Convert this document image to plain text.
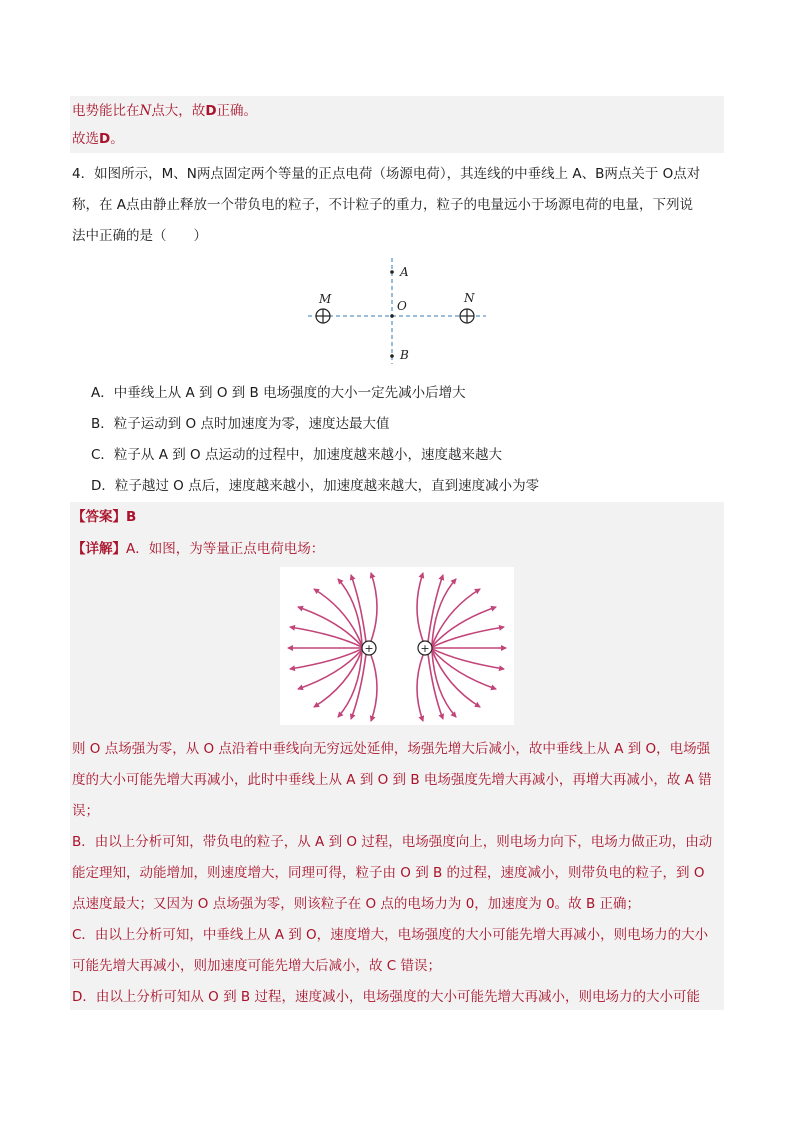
电势能比在N点大，故D正确。
故选D。
4．如图所示，M、N两点固定两个等量的正点电荷（场源电荷），其连线的中垂线上 A、B两点关于 O点对
称，在 A点由静止释放一个带负电的粒子，不计粒子的重力，粒子的电量远小于场源电荷的电量，下列说
法中正确的是（　　）
A
O
B
M	N
A．中垂线上从 A 到 O 到 B 电场强度的大小一定先减小后增大
B．粒子运动到 O 点时加速度为零，速度达最大值
C．粒子从 A 到 O 点运动的过程中，加速度越来越小，速度越来越大
D．粒子越过 O 点后，速度越来越小，加速度越来越大，直到速度减小为零
【答案】B
【详解】A．如图，为等量正点电荷电场：
+	+
则 O 点场强为零，从 O 点沿着中垂线向无穷远处延伸，场强先增大后减小，故中垂线上从 A 到 O，电场强
度的大小可能先增大再减小，此时中垂线上从 A 到 O 到 B 电场强度先增大再减小，再增大再减小，故 A 错
误；
B．由以上分析可知，带负电的粒子，从 A 到 O 过程，电场强度向上，则电场力向下，电场力做正功，由动
能定理知，动能增加，则速度增大，同理可得，粒子由 O 到 B 的过程，速度减小，则带负电的粒子，到 O
点速度最大；又因为 O 点场强为零，则该粒子在 O 点的电场力为 0，加速度为 0。故 B 正确；
C．由以上分析可知，中垂线上从 A 到 O，速度增大，电场强度的大小可能先增大再减小，则电场力的大小
可能先增大再减小，则加速度可能先增大后减小，故 C 错误；
D．由以上分析可知从 O 到 B 过程，速度减小，电场强度的大小可能先增大再减小，则电场力的大小可能
